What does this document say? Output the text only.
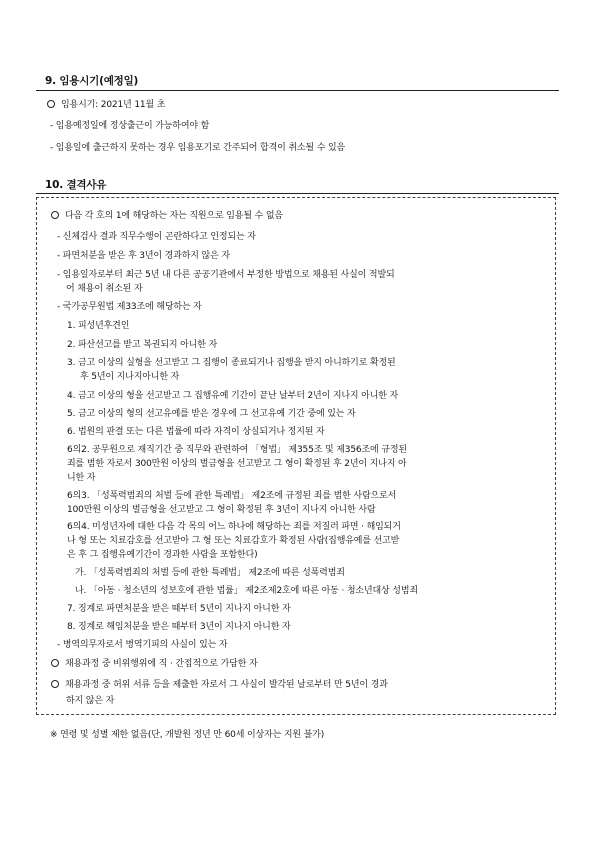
9. 임용시기(예정일)
임용시기: 2021년 11월 초
- 임용예정일에 정상출근이 가능하여야 함
- 임용일에 출근하지 못하는 경우 임용포기로 간주되어 합격이 취소될 수 있음
10. 결격사유
다음 각 호의 1에 해당하는 자는 직원으로 임용될 수 없음
- 신체검사 결과 직무수행이 곤란하다고 인정되는 자
- 파면처분을 받은 후 3년이 경과하지 않은 자
- 임용일자로부터 최근 5년 내 다른 공공기관에서 부정한 방법으로 채용된 사실이 적발되
어 채용이 취소된 자
- 국가공무원법 제33조에 해당하는 자
1. 피성년후견인
2. 파산선고를 받고 복권되지 아니한 자
3. 금고 이상의 실형을 선고받고 그 집행이 종료되거나 집행을 받지 아니하기로 확정된
후 5년이 지나지아니한 자
4. 금고 이상의 형을 선고받고 그 집행유예 기간이 끝난 날부터 2년이 지나지 아니한 자
5. 금고 이상의 형의 선고유예를 받은 경우에 그 선고유예 기간 중에 있는 자
6. 법원의 판결 또는 다른 법률에 따라 자격이 상실되거나 정지된 자
6의2. 공무원으로 재직기간 중 직무와 관련하여 「형법」 제355조 및 제356조에 규정된
죄를 범한 자로서 300만원 이상의 벌금형을 선고받고 그 형이 확정된 후 2년이 지나지 아
니한 자
6의3. 「성폭력범죄의 처벌 등에 관한 특례법」 제2조에 규정된 죄를 범한 사람으로서
100만원 이상의 벌금형을 선고받고 그 형이 확정된 후 3년이 지나지 아니한 사람
6의4. 미성년자에 대한 다음 각 목의 어느 하나에 해당하는 죄를 저질러 파면 · 해임되거
나 형 또는 치료감호를 선고받아 그 형 또는 치료감호가 확정된 사람(집행유예를 선고받
은 후 그 집행유예기간이 경과한 사람을 포함한다)
가. 「성폭력범죄의 처벌 등에 관한 특례법」 제2조에 따른 성폭력범죄
나. 「아동 · 청소년의 성보호에 관한 법률」 제2조제2호에 따른 아동 · 청소년대상 성범죄
7. 징계로 파면처분을 받은 때부터 5년이 지나지 아니한 자
8. 징계로 해임처분을 받은 때부터 3년이 지나지 아니한 자
- 병역의무자로서 병역기피의 사실이 있는 자
채용과정 중 비위행위에 직 · 간접적으로 가담한 자
채용과정 중 허위 서류 등을 제출한 자로서 그 사실이 발각된 날로부터 만 5년이 경과
하지 않은 자
※ 연령 및 성별 제한 없음(단, 개발원 정년 만 60세 이상자는 지원 불가)
